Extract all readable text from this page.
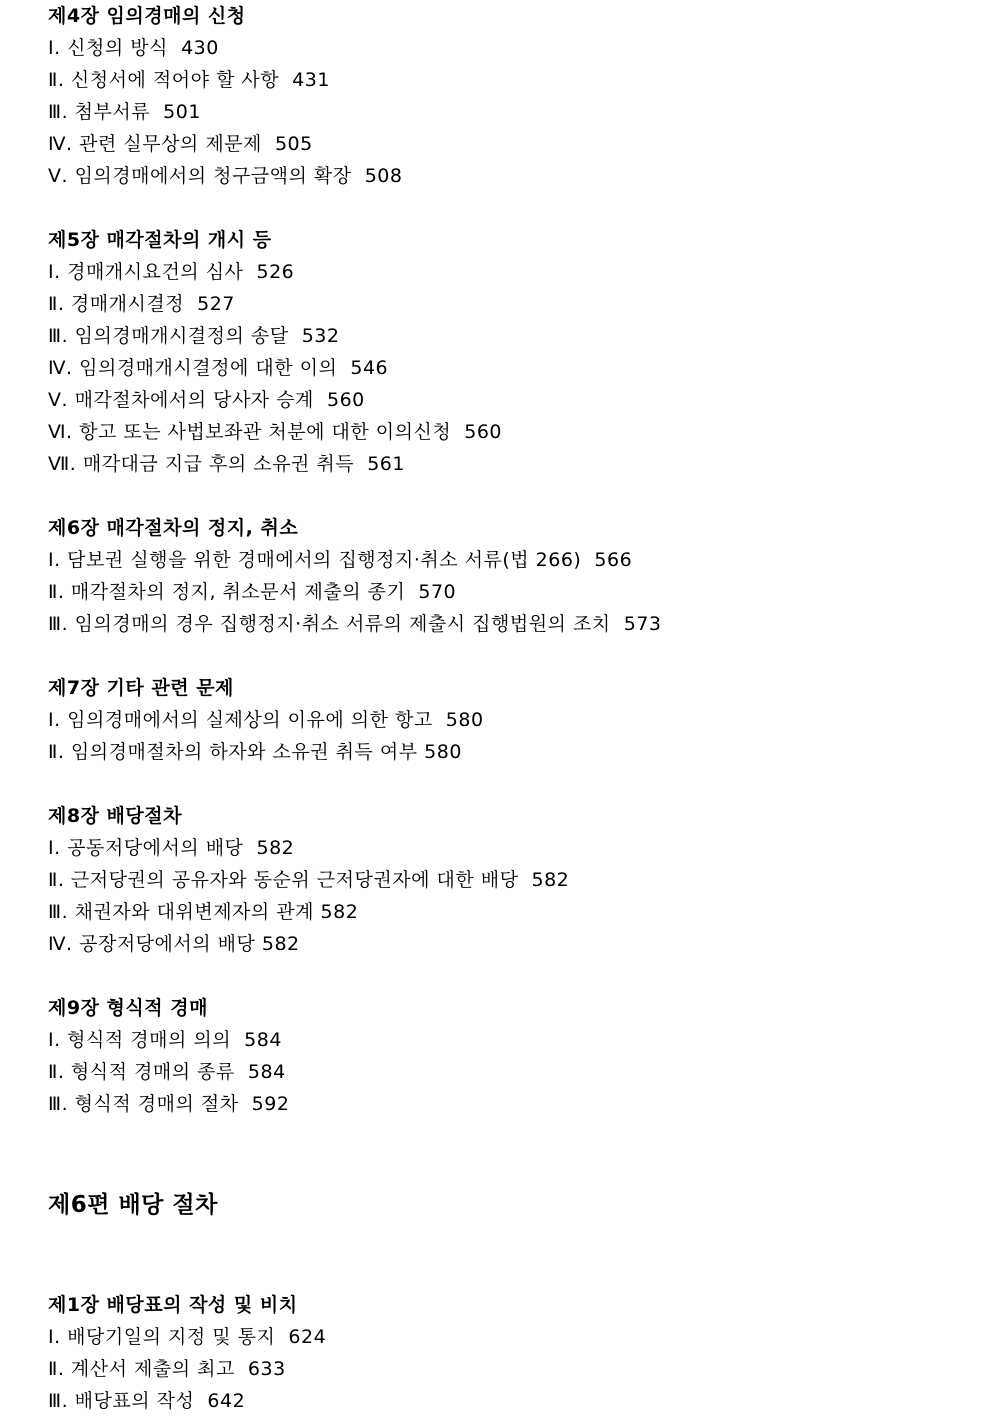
제4장 임의경매의 신청
Ⅰ. 신청의 방식  430
Ⅱ. 신청서에 적어야 할 사항  431
Ⅲ. 첨부서류  501
Ⅳ. 관련 실무상의 제문제  505
Ⅴ. 임의경매에서의 청구금액의 확장  508
제5장 매각절차의 개시 등
Ⅰ. 경매개시요건의 심사  526
Ⅱ. 경매개시결정  527
Ⅲ. 임의경매개시결정의 송달  532
Ⅳ. 임의경매개시결정에 대한 이의  546
Ⅴ. 매각절차에서의 당사자 승계  560
Ⅵ. 항고 또는 사법보좌관 처분에 대한 이의신청  560
Ⅶ. 매각대금 지급 후의 소유권 취득  561
제6장 매각절차의 정지, 취소
Ⅰ. 담보권 실행을 위한 경매에서의 집행정지·취소 서류(법 266)  566
Ⅱ. 매각절차의 정지, 취소문서 제출의 종기  570
Ⅲ. 임의경매의 경우 집행정지·취소 서류의 제출시 집행법원의 조치  573
제7장 기타 관련 문제
Ⅰ. 임의경매에서의 실제상의 이유에 의한 항고  580
Ⅱ. 임의경매절차의 하자와 소유권 취득 여부 580
제8장 배당절차
Ⅰ. 공동저당에서의 배당  582
Ⅱ. 근저당권의 공유자와 동순위 근저당권자에 대한 배당  582
Ⅲ. 채권자와 대위변제자의 관계 582
Ⅳ. 공장저당에서의 배당 582
제9장 형식적 경매
Ⅰ. 형식적 경매의 의의  584
Ⅱ. 형식적 경매의 종류  584
Ⅲ. 형식적 경매의 절차  592
제6편 배당 절차
제1장 배당표의 작성 및 비치
Ⅰ. 배당기일의 지정 및 통지  624
Ⅱ. 계산서 제출의 최고  633
Ⅲ. 배당표의 작성  642
